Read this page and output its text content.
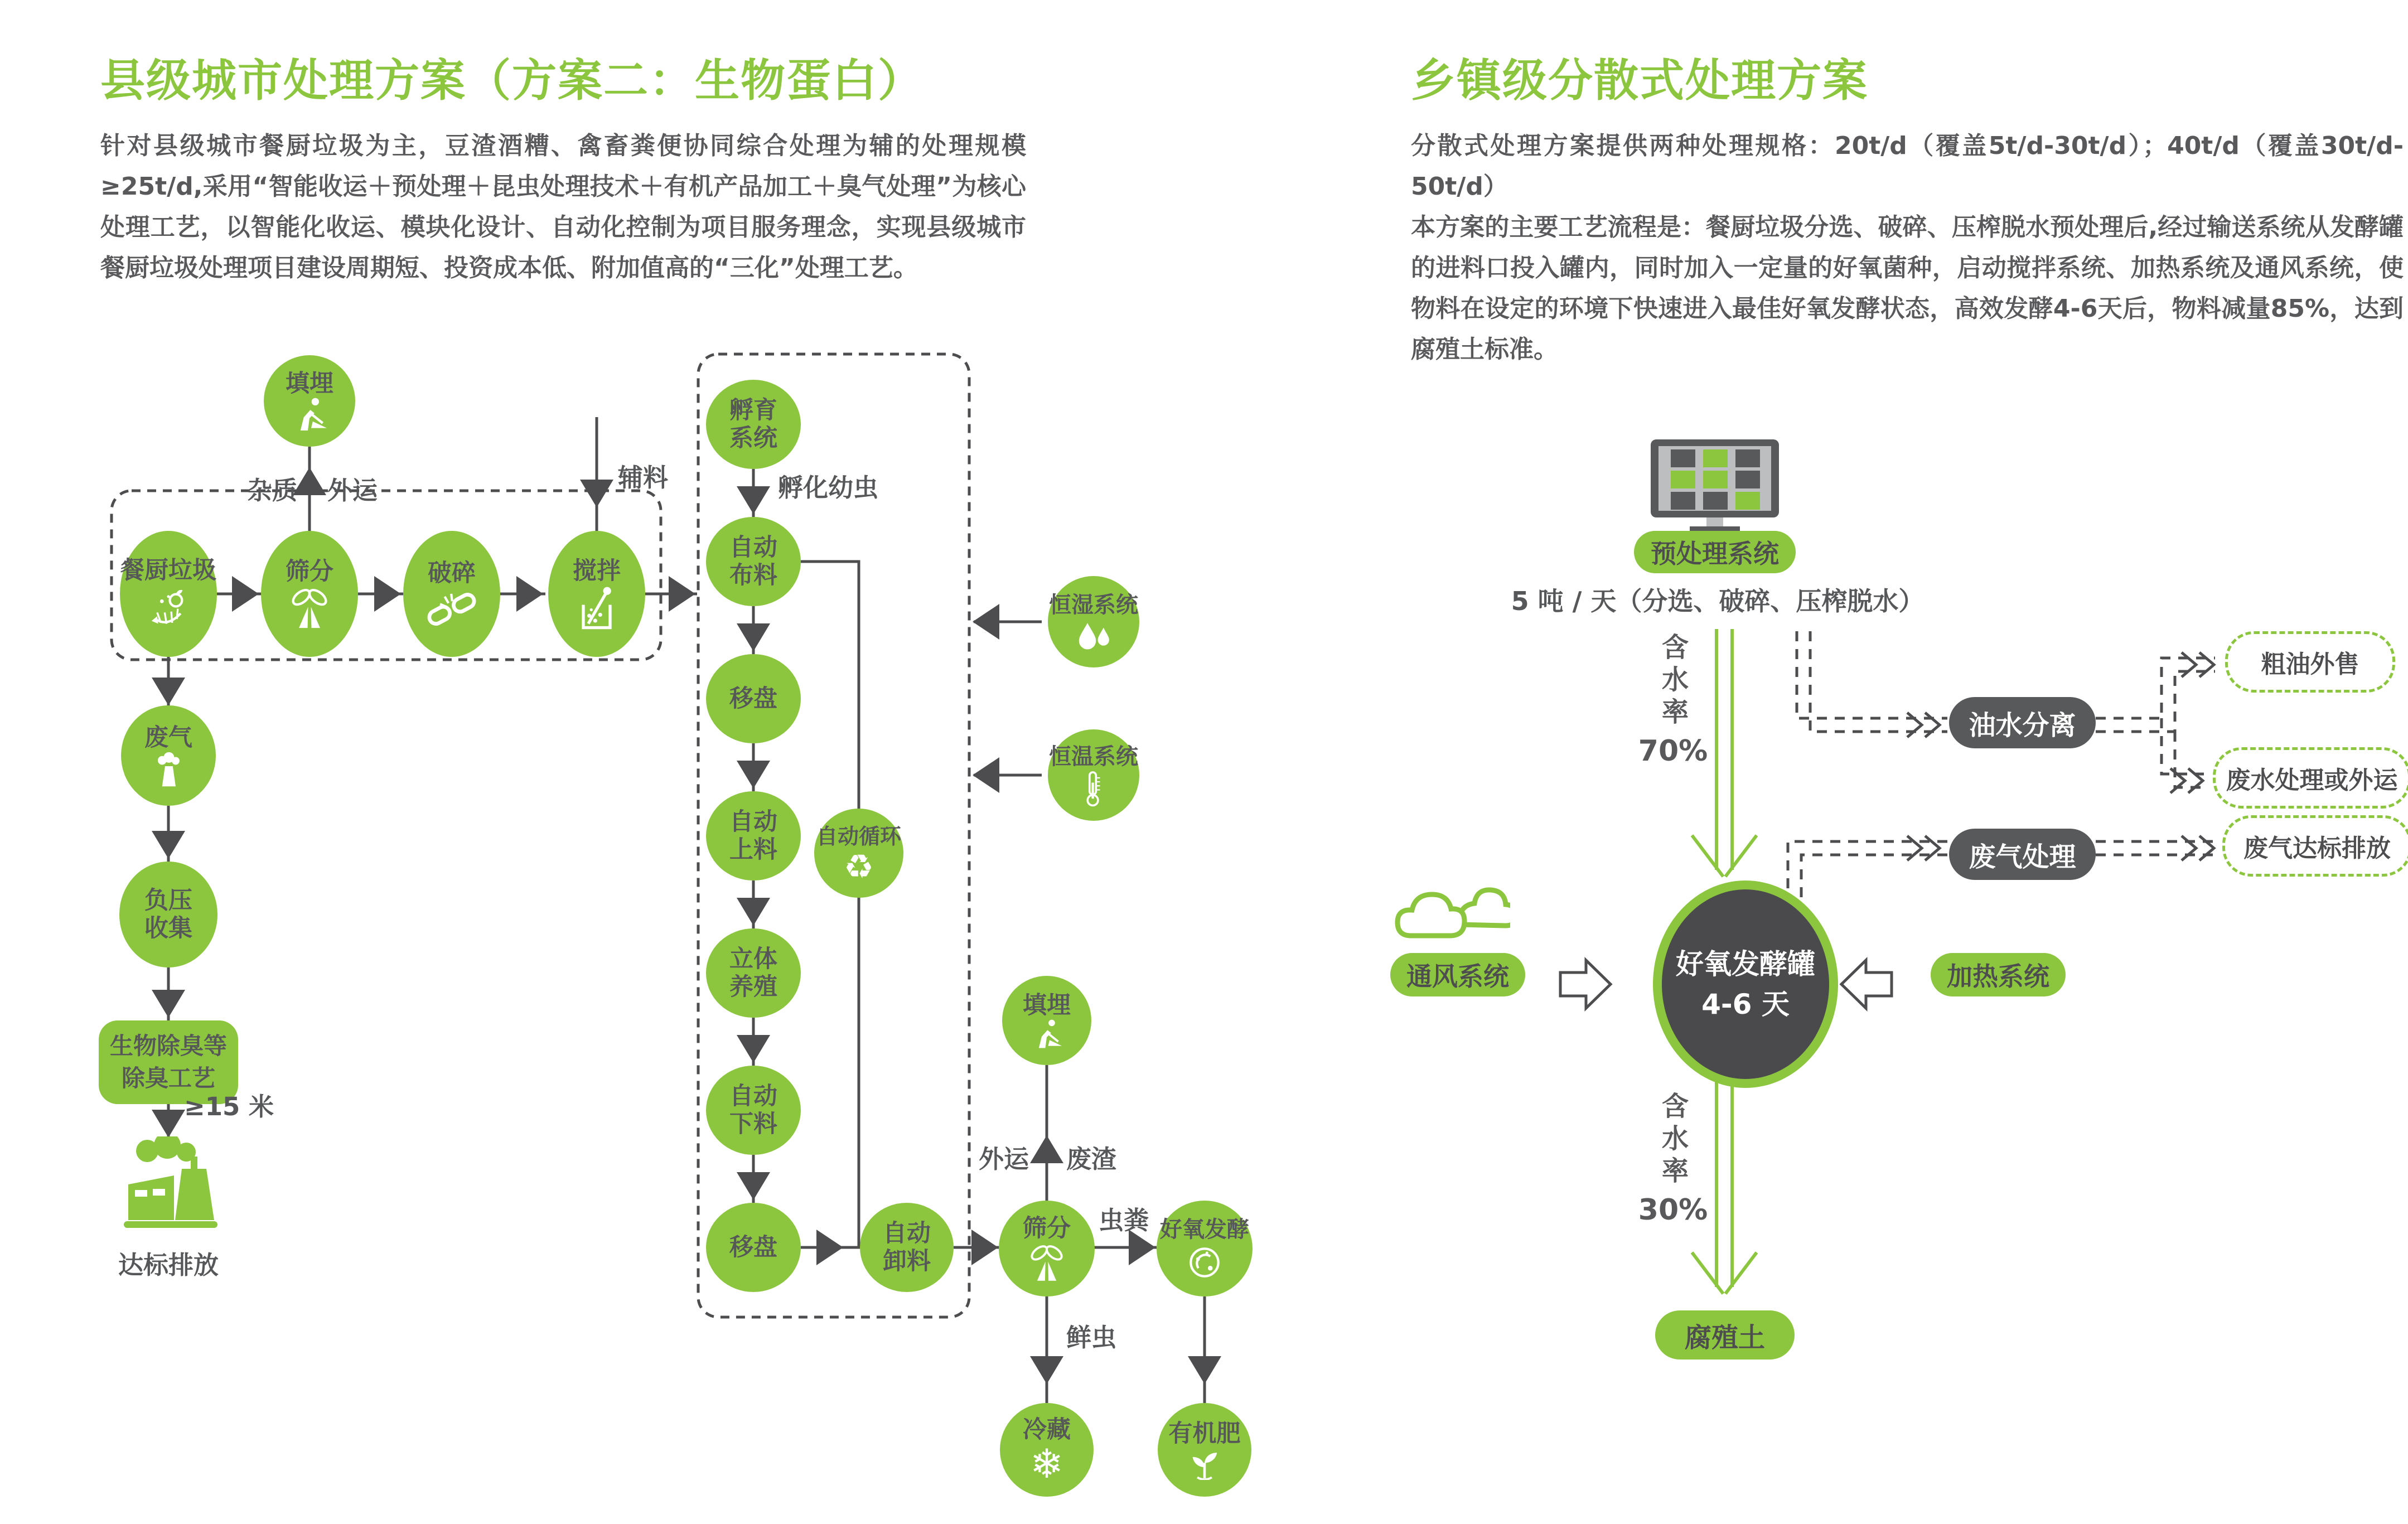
县级城市处理方案（方案二：生物蛋白）
针对县级城市餐厨垃圾为主，豆渣酒糟、禽畜粪便协同综合处理为辅的处理规模≥25t/d,采用“智能收运＋预处理＋昆虫处理技术＋有机产品加工＋臭气处理”为核心处理工艺，以智能化收运、模块化设计、自动化控制为项目服务理念，实现县级城市餐厨垃圾处理项目建设周期短、投资成本低、附加值高的“三化”处理工艺。
填埋
杂质 外运	辅料
餐厨垃圾	筛分	破碎	搅拌
废气
负压
收集
生物除臭等
除臭工艺
≥15 米
达标排放
孵育
系统
孵化幼虫
自动
布料
移盘
自动
上料 自动循环
♻
立体
养殖
自动
下料
移盘	自动
卸料
恒湿系统
恒温系统
填埋
外运 废渣
筛分	虫粪 好氧发酵
鲜虫
冷藏
❄
有机肥
乡镇级分散式处理方案
分散式处理方案提供两种处理规格：20t/d（覆盖5t/d-30t/d）；40t/d（覆盖30t/d-50t/d）
本方案的主要工艺流程是：餐厨垃圾分选、破碎、压榨脱水预处理后,经过输送系统从发酵罐的进料口投入罐内，同时加入一定量的好氧菌种，启动搅拌系统、加热系统及通风系统，使物料在设定的环境下快速进入最佳好氧发酵状态，高效发酵4-6天后，物料减量85%，达到腐殖土标准。
预处理系统
5 吨 / 天（分选、破碎、压榨脱水）
含水率
70%
油水分离
粗油外售
废水处理或外运
废气处理	废气达标排放
通风系统	好氧发酵罐
4-6 天
加热系统
含水率
30%
腐殖土
